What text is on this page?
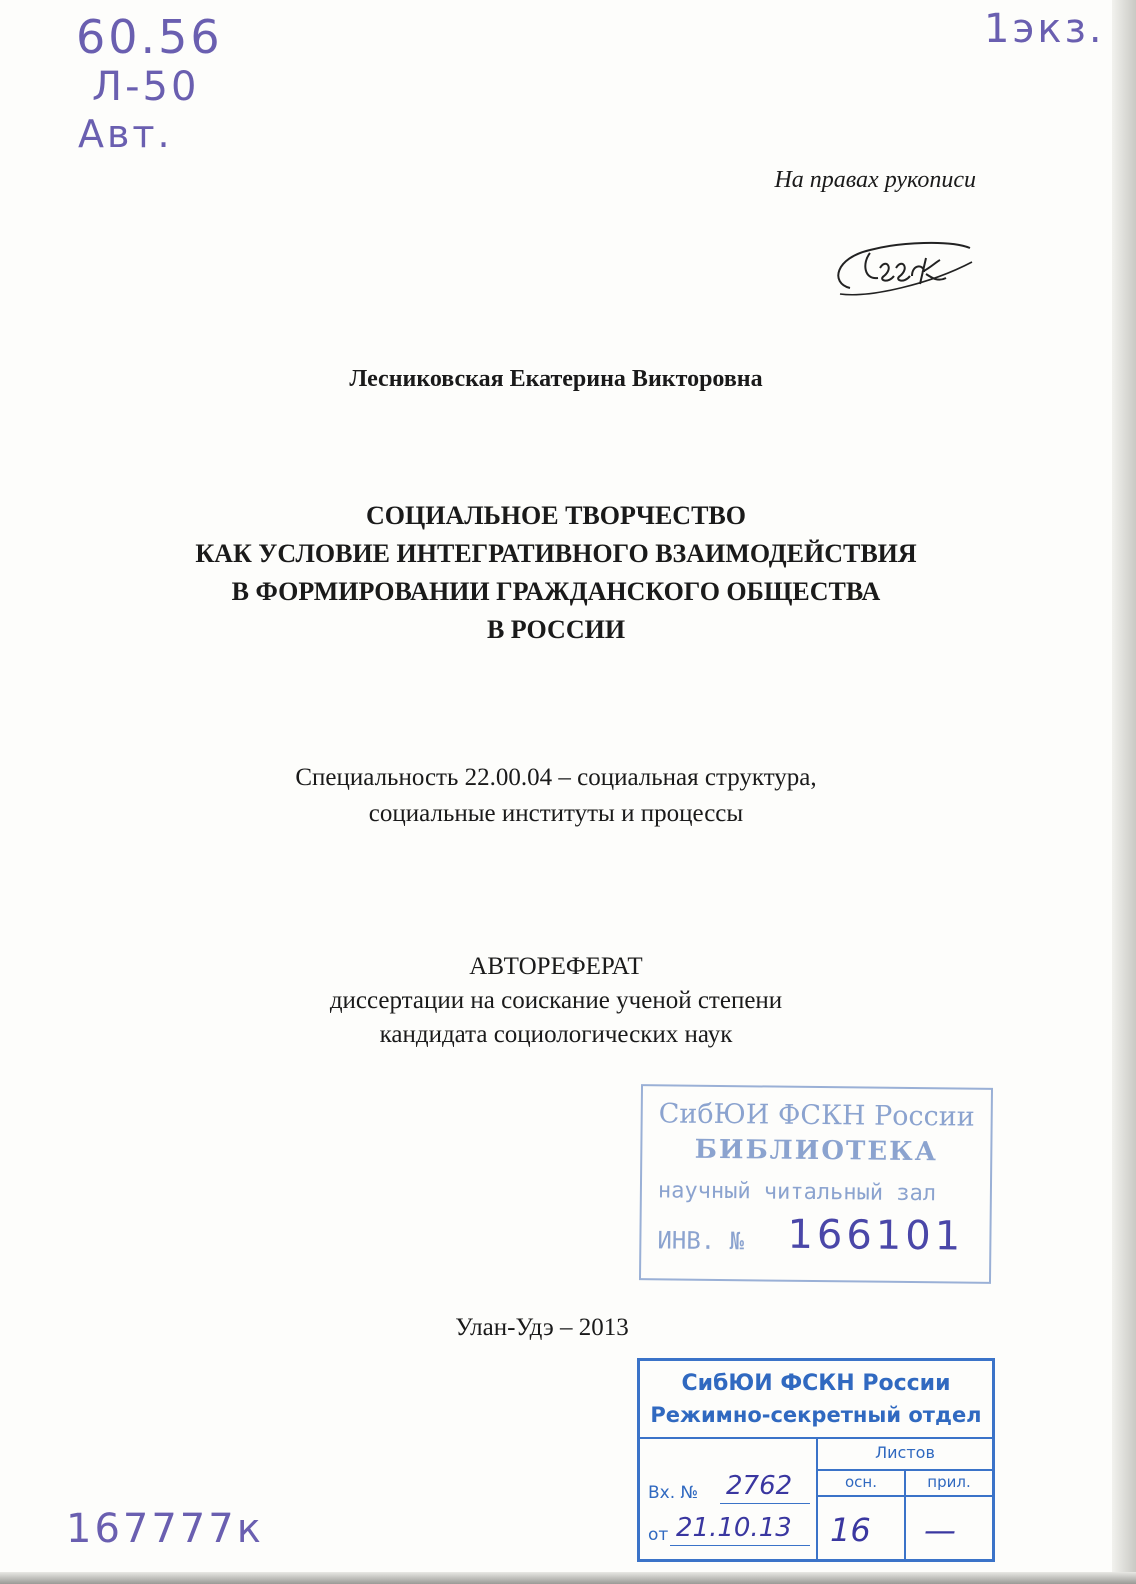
60.56
Л-50
Авт.
1экз.
167777к
На правах рукописи
Лесниковская Екатерина Викторовна
СОЦИАЛЬНОЕ ТВОРЧЕСТВО
КАК УСЛОВИЕ ИНТЕГРАТИВНОГО ВЗАИМОДЕЙСТВИЯ
В ФОРМИРОВАНИИ ГРАЖДАНСКОГО ОБЩЕСТВА
В РОССИИ
Специальность 22.00.04 – социальная структура,
социальные институты и процессы
АВТОРЕФЕРАТ
диссертации на соискание ученой степени
кандидата социологических наук
СибЮИ ФСКН России
БИБЛИОТЕКА
научный читальный зал
ИНВ. № 166101
Улан-Удэ – 2013
СибЮИ ФСКН России
Режимно-секретный отдел
Листов
осн.	прил.
Вх. № 2762
от 21.10.13 16 —
